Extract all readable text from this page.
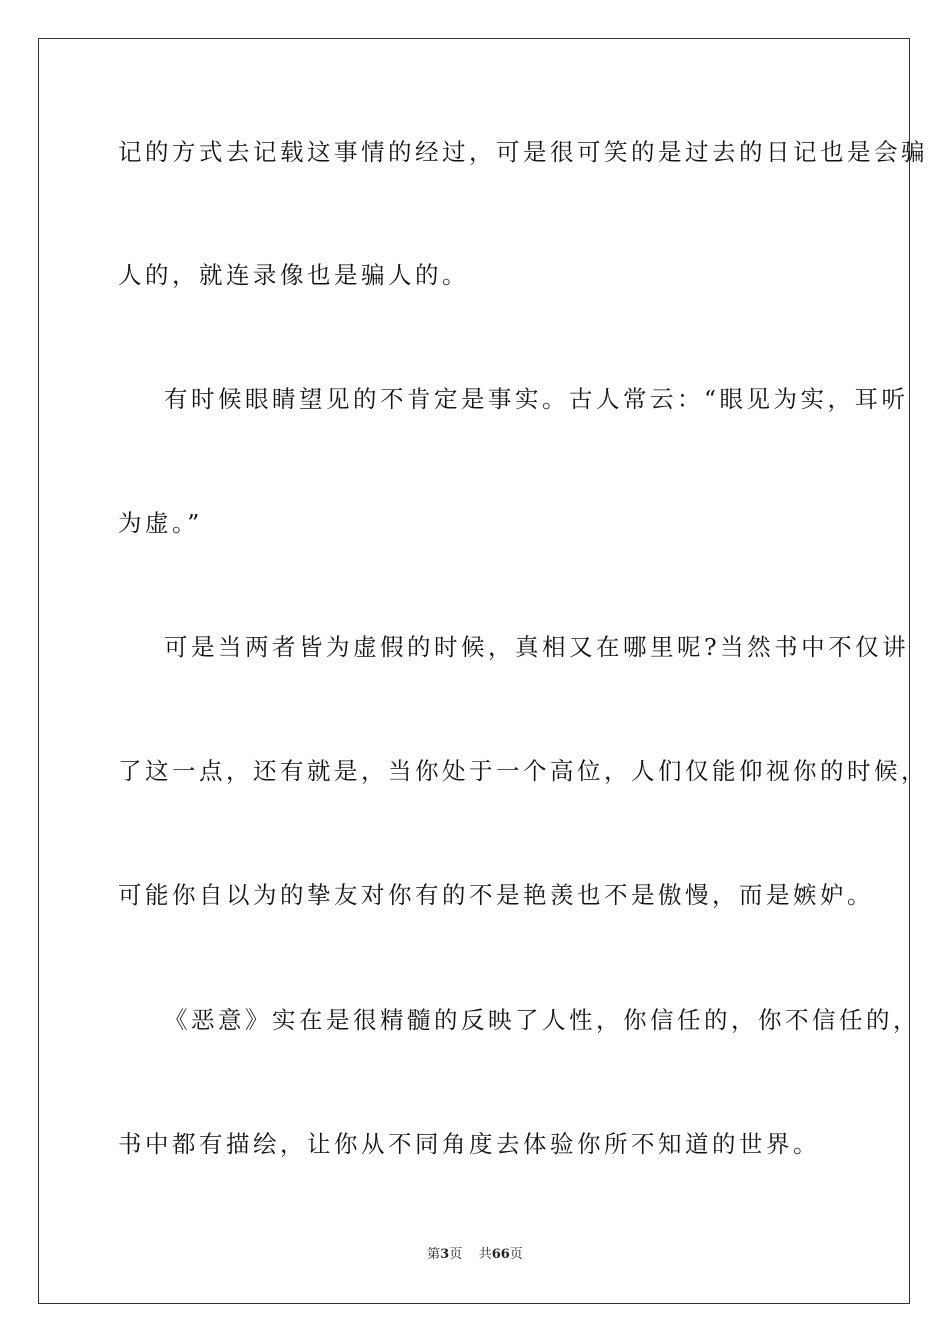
记的方式去记载这事情的经过，可是很可笑的是过去的日记也是会骗
人的，就连录像也是骗人的。
有时候眼睛望见的不肯定是事实。古人常云：“眼见为实，耳听
为虚。”
可是当两者皆为虚假的时候，真相又在哪里呢?当然书中不仅讲
了这一点，还有就是，当你处于一个高位，人们仅能仰视你的时候，
可能你自以为的挚友对你有的不是艳羡也不是傲慢，而是嫉妒。
《恶意》实在是很精髓的反映了人性，你信任的，你不信任的，
书中都有描绘，让你从不同角度去体验你所不知道的世界。
第3页 共66页
